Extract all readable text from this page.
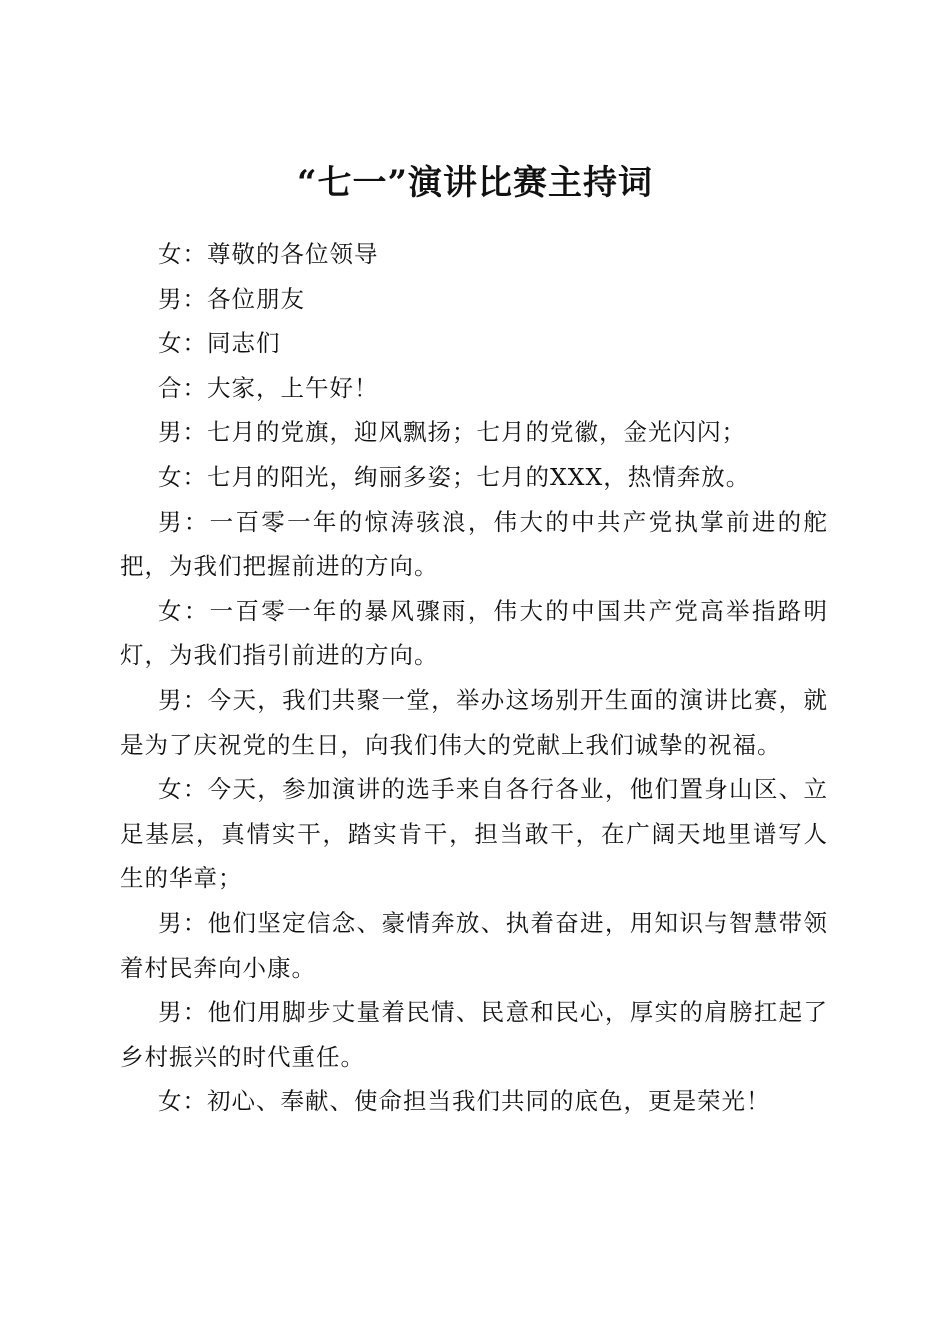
“七一”演讲比赛主持词

女：尊敬的各位领导

男：各位朋友

女：同志们

合：大家，上午好！

男：七月的党旗，迎风飘扬；七月的党徽，金光闪闪；

女：七月的阳光，绚丽多姿；七月的XXX，热情奔放。

男：一百零一年的惊涛骇浪，伟大的中共产党执掌前进的舵把，为我们把握前进的方向。

女：一百零一年的暴风骤雨，伟大的中国共产党高举指路明灯，为我们指引前进的方向。

男：今天，我们共聚一堂，举办这场别开生面的演讲比赛，就是为了庆祝党的生日，向我们伟大的党献上我们诚挚的祝福。

女：今天，参加演讲的选手来自各行各业，他们置身山区、立足基层，真情实干，踏实肯干，担当敢干，在广阔天地里谱写人生的华章；

男：他们坚定信念、豪情奔放、执着奋进，用知识与智慧带领着村民奔向小康。

男：他们用脚步丈量着民情、民意和民心，厚实的肩膀扛起了乡村振兴的时代重任。

女：初心、奉献、使命担当我们共同的底色，更是荣光！
